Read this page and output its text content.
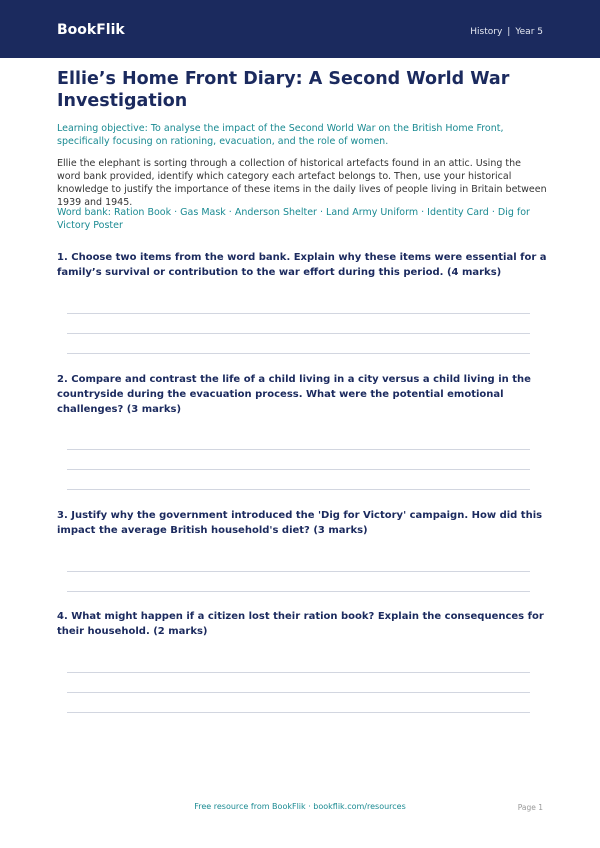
BookFlik	History | Year 5
Ellie’s Home Front Diary: A Second World War Investigation

Learning objective: To analyse the impact of the Second World War on the British Home Front, specifically focusing on rationing, evacuation, and the role of women.

Ellie the elephant is sorting through a collection of historical artefacts found in an attic. Using the word bank provided, identify which category each artefact belongs to. Then, use your historical knowledge to justify the importance of these items in the daily lives of people living in Britain between 1939 and 1945.

Word bank: Ration Book · Gas Mask · Anderson Shelter · Land Army Uniform · Identity Card · Dig for Victory Poster

1. Choose two items from the word bank. Explain why these items were essential for a family’s survival or contribution to the war effort during this period. (4 marks)

2. Compare and contrast the life of a child living in a city versus a child living in the countryside during the evacuation process. What were the potential emotional challenges? (3 marks)

3. Justify why the government introduced the 'Dig for Victory' campaign. How did this impact the average British household's diet? (3 marks)

4. What might happen if a citizen lost their ration book? Explain the consequences for their household. (2 marks)

Free resource from BookFlik · bookflik.com/resources	Page 1
